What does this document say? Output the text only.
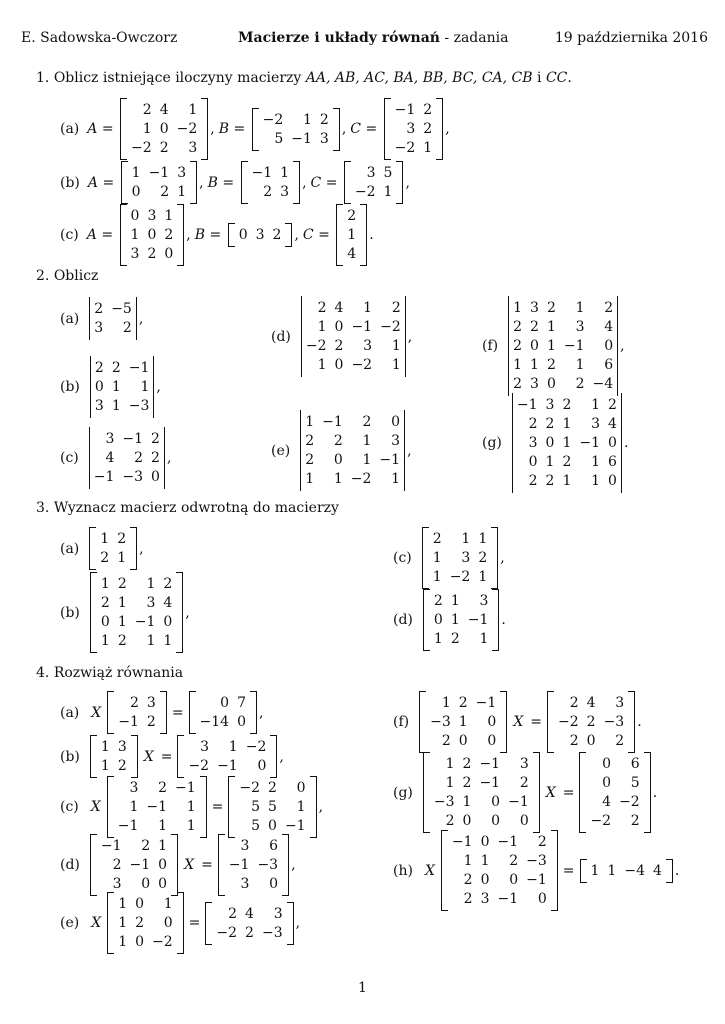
E. Sadowska-Owczorz	Macierze i układy równań - zadania	19 października 2016
1. Oblicz istniejące iloczyny macierzy AA, AB, AC, BA, BB, BC, CA, CB i CC.
(a) A =
2 4	1
1 0 −2
−2 2	3
, B =
−2	1 2
5 −1 3
, C =
−1 2
3 2
−2 1
,
(b) A =
1 −1 3
0	2 1
, B =
−1 1
2 3
, C =
3 5
−2 1
,
(c) A =
0 3 1
1 0 2
3 2 0
, B = 0 3 2 , C =
2
1
4
.
2. Oblicz
(a)
2 −5
3	2
,
(b)
2 2 −1
0 1	1
3 1 −3
,
(c)
3 −1 2
4	2 2
−1 −3 0
,
(d)
2 4	1	2
1 0 −1 −2
−2 2	3	1
1 0 −2	1
,
(e)
1 −1	2	0
2	2	1	3
2	0	1 −1
1	1 −2	1
,
(f)
1 3 2	1	2
2 2 1	3	4
2 0 1 −1	0
1 1 2	1	6
2 3 0	2 −4
,
(g)
−1 3 2	1 2
2 2 1	3 4
3 0 1 −1 0
0 1 2	1 6
2 2 1	1 0
.
3. Wyznacz macierz odwrotną do macierzy
(a)
1 2
2 1
,
(b)
1 2	1 2
2 1	3 4
0 1 −1 0
1 2	1 1
,
(c)
2	1 1
1	3 2
1 −2 1
,
(d)
2 1	3
0 1 −1
1 2	1
.
4. Rozwiąż równania
(a) X
2 3
−1 2
=
0 7
−14 0
,
(b)
1 3
1 2
X =
3	1 −2
−2 −1	0
,
(c) X
3	2 −1
1 −1	1
−1	1	1
=
−2 2	0
5 5	1
5 0 −1
,
(d)
−1	2 1
2 −1 0
3	0 0
X =
3	6
−1 −3
3	0
,
(e) X
1 0	1
1 2	0
1 0 −2
=
2 4	3
−2 2 −3
,
(f)
1 2 −1
−3 1	0
2 0	0
X =
2 4	3
−2 2 −3
2 0	2
.
(g)
1 2 −1	3
1 2 −1	2
−3 1	0 −1
2 0	0	0
X =
0	6
0	5
4 −2
−2	2
.
(h) X
−1 0 −1	2
1 1	2 −3
2 0	0 −1
2 3 −1	0
= 1 1 −4 4 .
1
